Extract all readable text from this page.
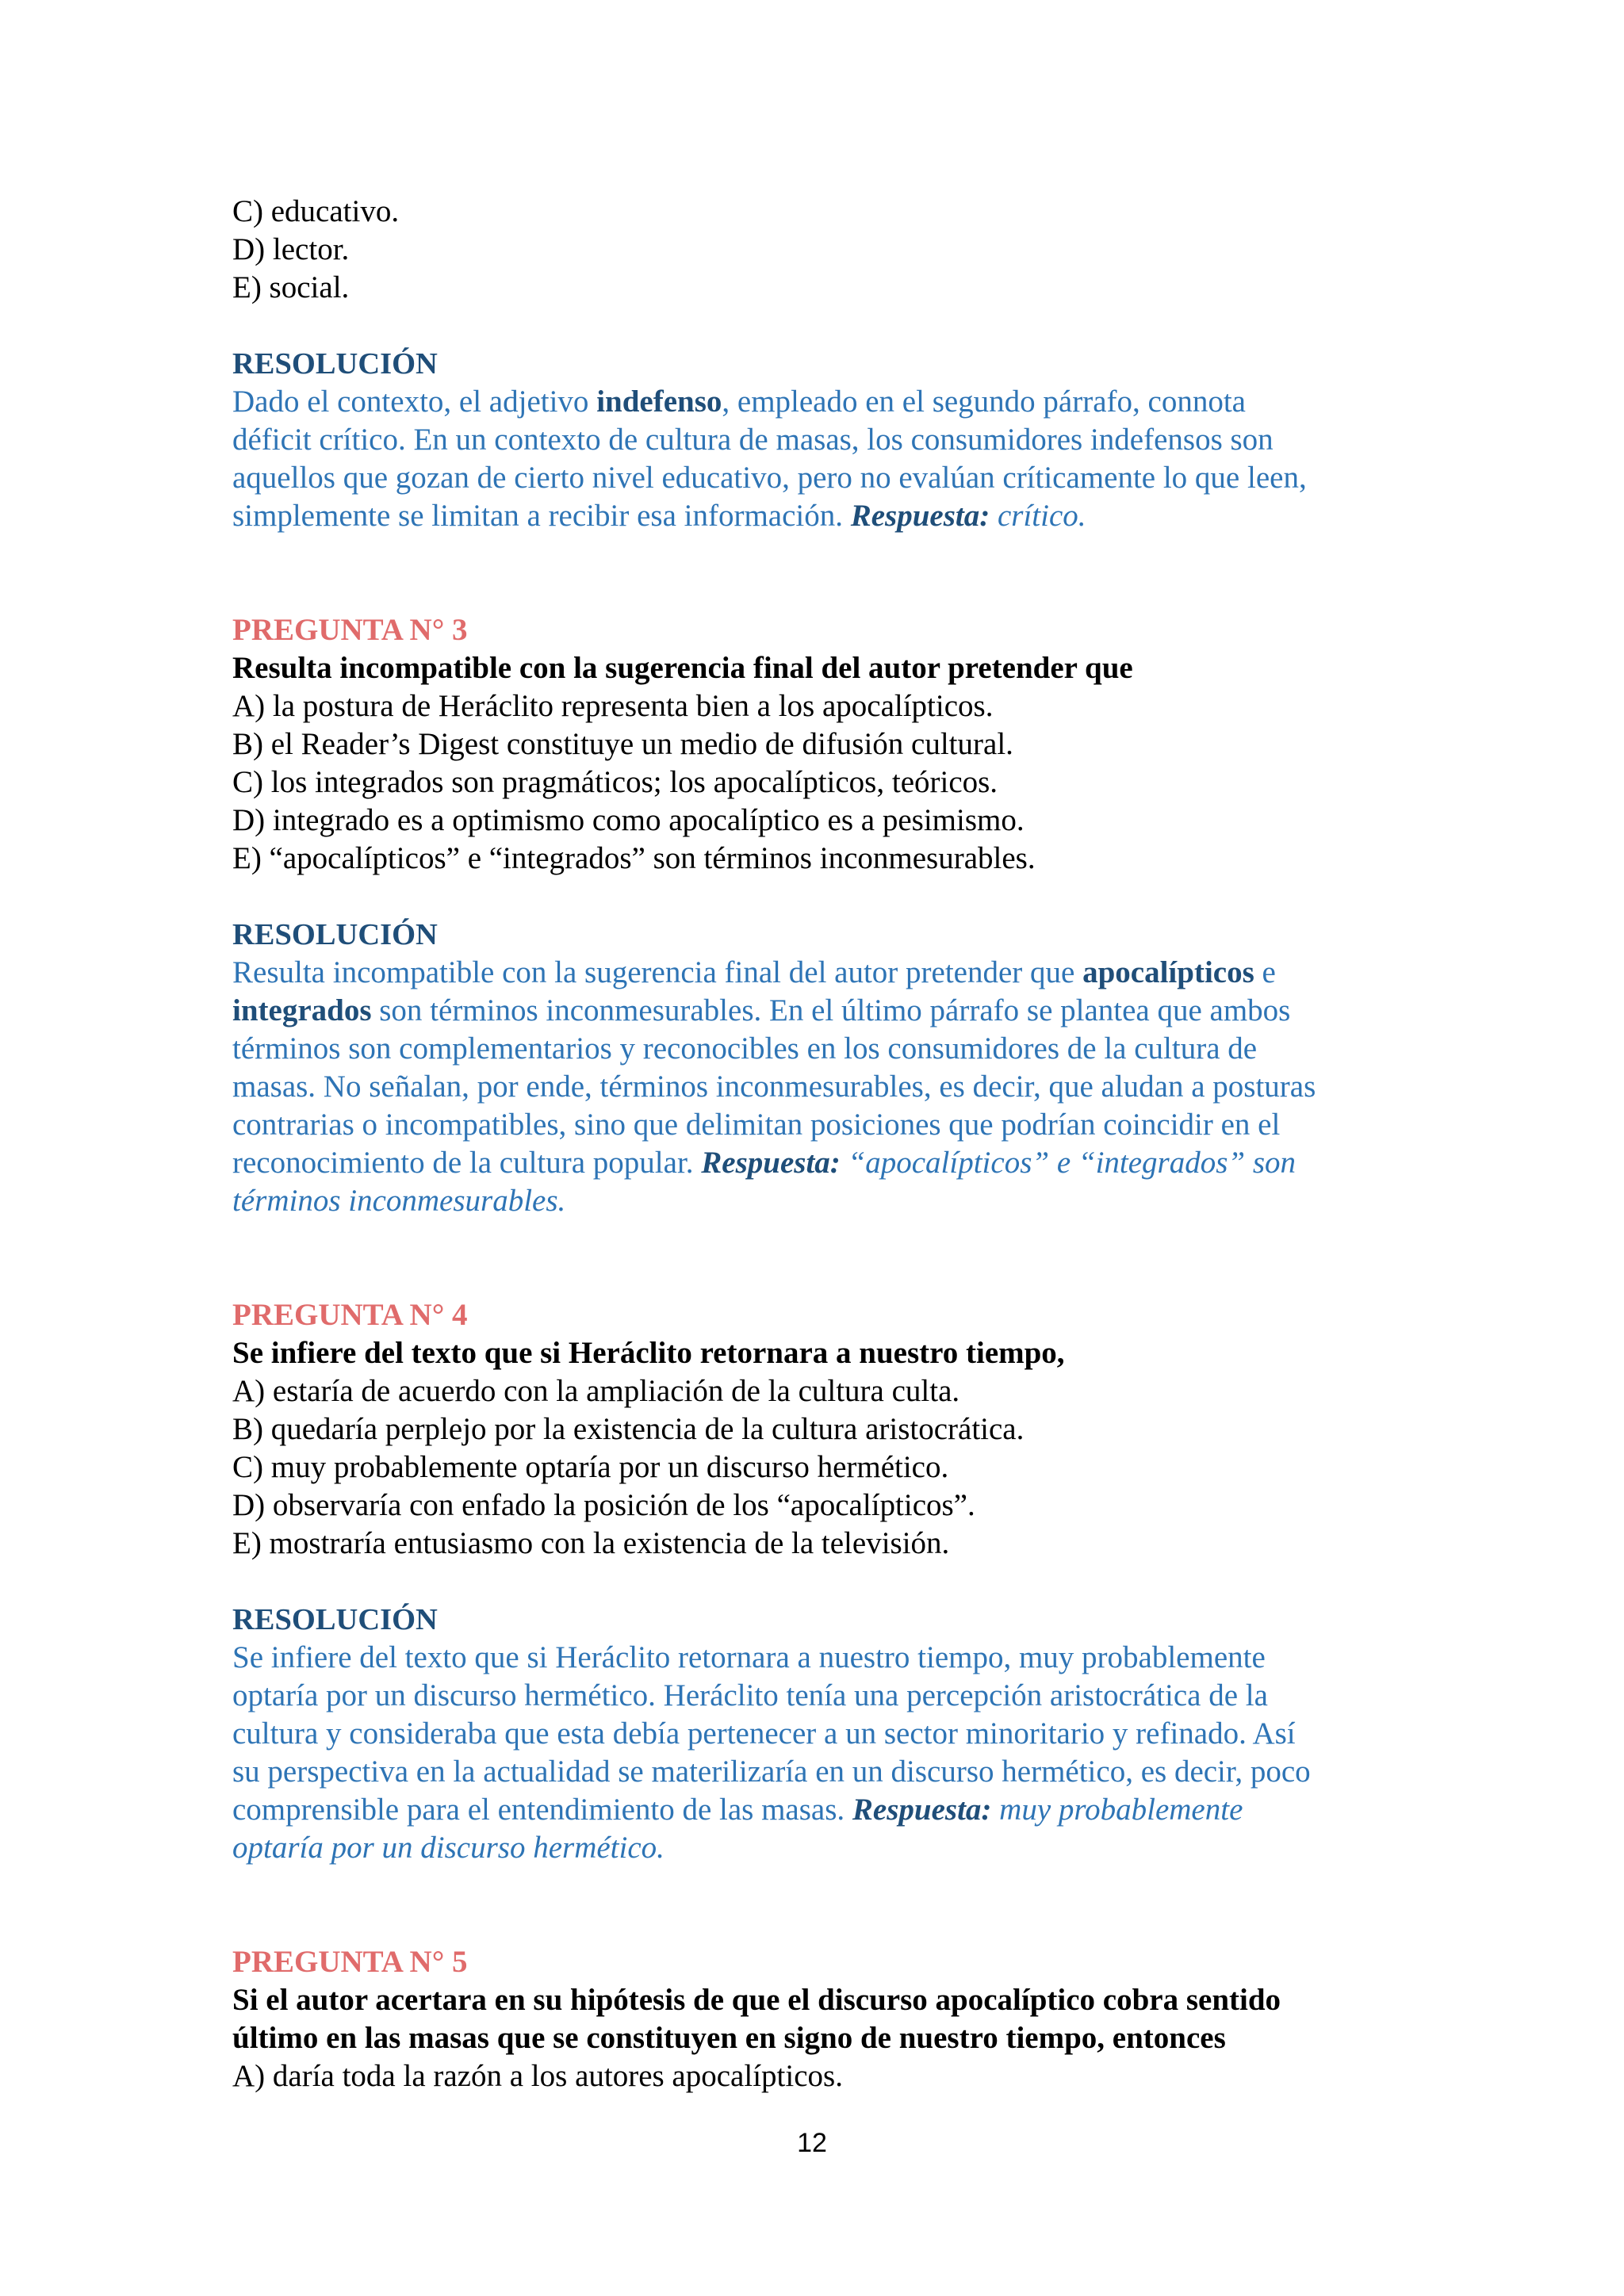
C) educativo.
D) lector.
E) social.
RESOLUCIÓN
Dado el contexto, el adjetivo indefenso, empleado en el segundo párrafo, connota
déficit crítico. En un contexto de cultura de masas, los consumidores indefensos son
aquellos que gozan de cierto nivel educativo, pero no evalúan críticamente lo que leen,
simplemente se limitan a recibir esa información. Respuesta: crítico.
PREGUNTA N° 3
Resulta incompatible con la sugerencia final del autor pretender que
A) la postura de Heráclito representa bien a los apocalípticos.
B) el Reader’s Digest constituye un medio de difusión cultural.
C) los integrados son pragmáticos; los apocalípticos, teóricos.
D) integrado es a optimismo como apocalíptico es a pesimismo.
E) “apocalípticos” e “integrados” son términos inconmesurables.
RESOLUCIÓN
Resulta incompatible con la sugerencia final del autor pretender que apocalípticos e
integrados son términos inconmesurables. En el último párrafo se plantea que ambos
términos son complementarios y reconocibles en los consumidores de la cultura de
masas. No señalan, por ende, términos inconmesurables, es decir, que aludan a posturas
contrarias o incompatibles, sino que delimitan posiciones que podrían coincidir en el
reconocimiento de la cultura popular. Respuesta: “apocalípticos” e “integrados” son
términos inconmesurables.
PREGUNTA N° 4
Se infiere del texto que si Heráclito retornara a nuestro tiempo,
A) estaría de acuerdo con la ampliación de la cultura culta.
B) quedaría perplejo por la existencia de la cultura aristocrática.
C) muy probablemente optaría por un discurso hermético.
D) observaría con enfado la posición de los “apocalípticos”.
E) mostraría entusiasmo con la existencia de la televisión.
RESOLUCIÓN
Se infiere del texto que si Heráclito retornara a nuestro tiempo, muy probablemente
optaría por un discurso hermético. Heráclito tenía una percepción aristocrática de la
cultura y consideraba que esta debía pertenecer a un sector minoritario y refinado. Así
su perspectiva en la actualidad se materilizaría en un discurso hermético, es decir, poco
comprensible para el entendimiento de las masas. Respuesta: muy probablemente
optaría por un discurso hermético.
PREGUNTA N° 5
Si el autor acertara en su hipótesis de que el discurso apocalíptico cobra sentido
último en las masas que se constituyen en signo de nuestro tiempo, entonces
A) daría toda la razón a los autores apocalípticos.
12
